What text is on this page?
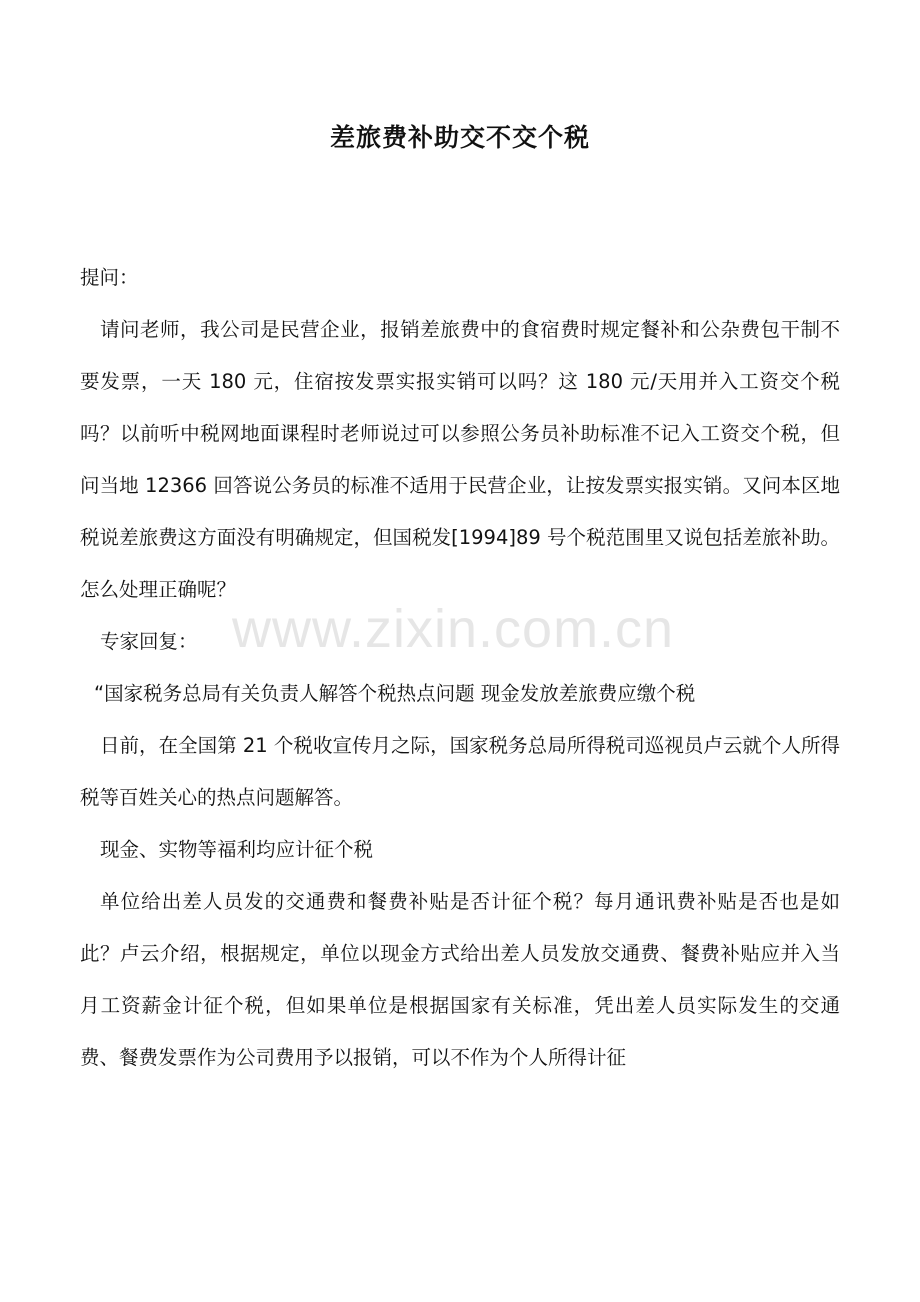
www.zixin.com.cn
差旅费补助交不交个税

提问：

请问老师，我公司是民营企业，报销差旅费中的食宿费时规定餐补和公杂费包干制不要发票，一天 180 元，住宿按发票实报实销可以吗？这 180 元/天用并入工资交个税吗？以前听中税网地面课程时老师说过可以参照公务员补助标准不记入工资交个税，但问当地 12366 回答说公务员的标准不适用于民营企业，让按发票实报实销。又问本区地税说差旅费这方面没有明确规定，但国税发[1994]89 号个税范围里又说包括差旅补助。怎么处理正确呢？

专家回复：

“国家税务总局有关负责人解答个税热点问题 现金发放差旅费应缴个税

日前，在全国第 21 个税收宣传月之际，国家税务总局所得税司巡视员卢云就个人所得税等百姓关心的热点问题解答。

现金、实物等福利均应计征个税

单位给出差人员发的交通费和餐费补贴是否计征个税？每月通讯费补贴是否也是如此？卢云介绍，根据规定，单位以现金方式给出差人员发放交通费、餐费补贴应并入当月工资薪金计征个税，但如果单位是根据国家有关标准，凭出差人员实际发生的交通费、餐费发票作为公司费用予以报销，可以不作为个人所得计征
